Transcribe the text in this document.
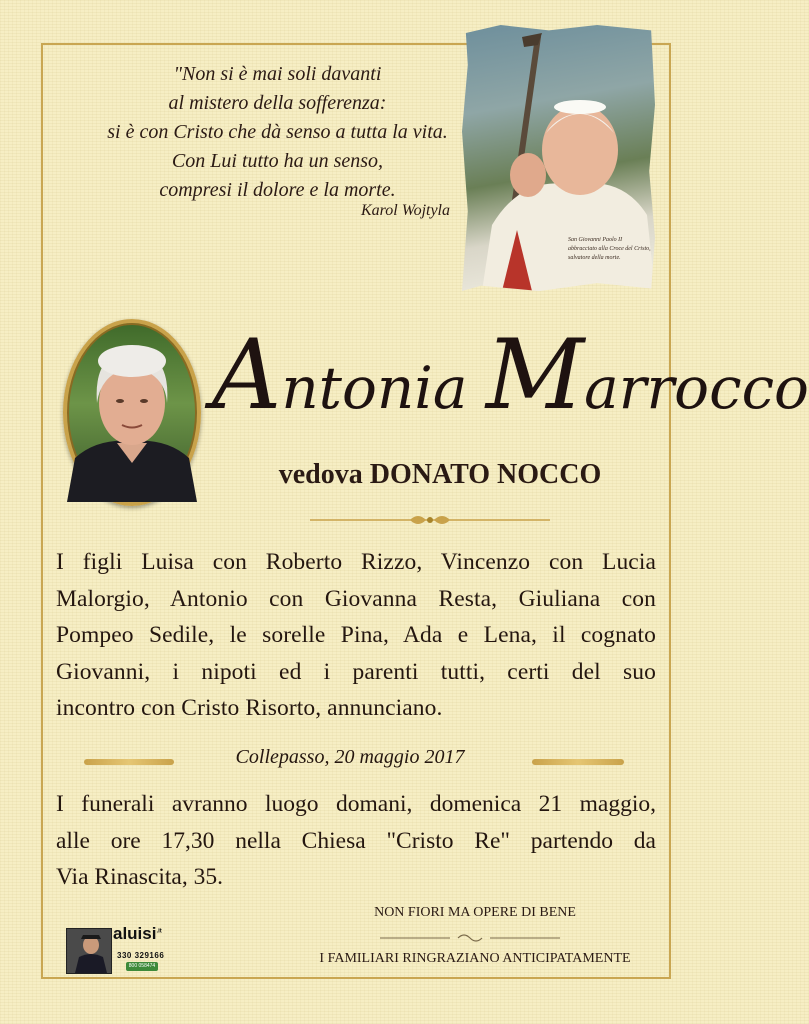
"Non si è mai soli davanti
al mistero della sofferenza:
si è con Cristo che dà senso a tutta la vita.
Con Lui tutto ha un senso,
compresi il dolore e la morte.
Karol Wojtyla
San Giovanni Paolo II
abbracciato alla Croce del Cristo,
salvatore della morte.
Antonia Marrocco
vedova DONATO NOCCO
I figli Luisa con Roberto Rizzo, Vincenzo con Lucia
Malorgio, Antonio con Giovanna Resta, Giuliana con
Pompeo Sedile, le sorelle Pina, Ada e Lena, il cognato
Giovanni, i nipoti ed i parenti tutti, certi del suo
incontro con Cristo Risorto, annunciano.
Collepasso, 20 maggio 2017
I funerali avranno luogo domani, domenica 21 maggio,
alle ore 17,30 nella Chiesa "Cristo Re" partendo da
Via Rinascita, 35.
NON FIORI MA OPERE DI BENE
I FAMILIARI RINGRAZIANO ANTICIPATAMENTE
aluisi$^{.it}$
330 329166
800 058474
